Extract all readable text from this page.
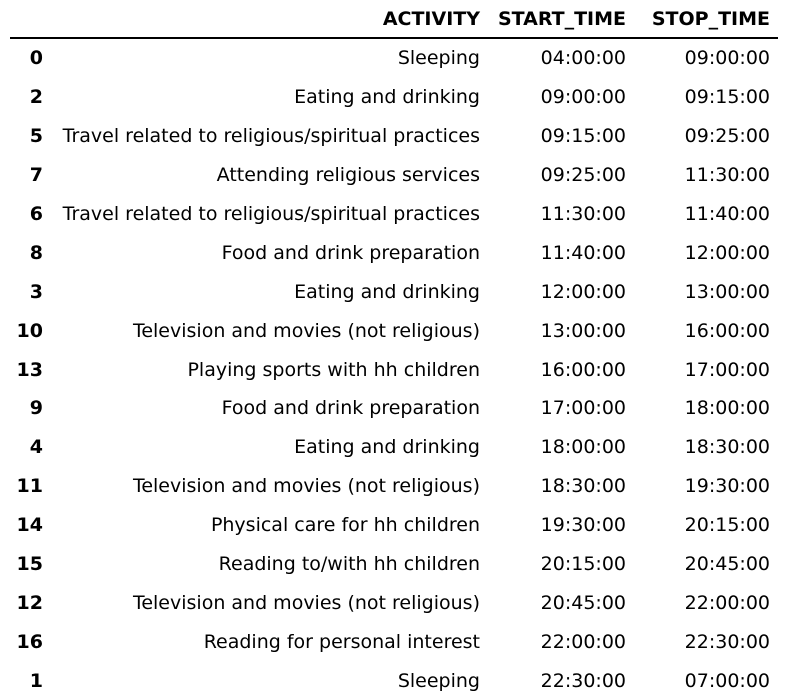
	ACTIVITY	START_TIME	STOP_TIME
0	Sleeping	04:00:00	09:00:00
2	Eating and drinking	09:00:00	09:15:00
5	Travel related to religious/spiritual practices	09:15:00	09:25:00
7	Attending religious services	09:25:00	11:30:00
6	Travel related to religious/spiritual practices	11:30:00	11:40:00
8	Food and drink preparation	11:40:00	12:00:00
3	Eating and drinking	12:00:00	13:00:00
10	Television and movies (not religious)	13:00:00	16:00:00
13	Playing sports with hh children	16:00:00	17:00:00
9	Food and drink preparation	17:00:00	18:00:00
4	Eating and drinking	18:00:00	18:30:00
11	Television and movies (not religious)	18:30:00	19:30:00
14	Physical care for hh children	19:30:00	20:15:00
15	Reading to/with hh children	20:15:00	20:45:00
12	Television and movies (not religious)	20:45:00	22:00:00
16	Reading for personal interest	22:00:00	22:30:00
1	Sleeping	22:30:00	07:00:00
